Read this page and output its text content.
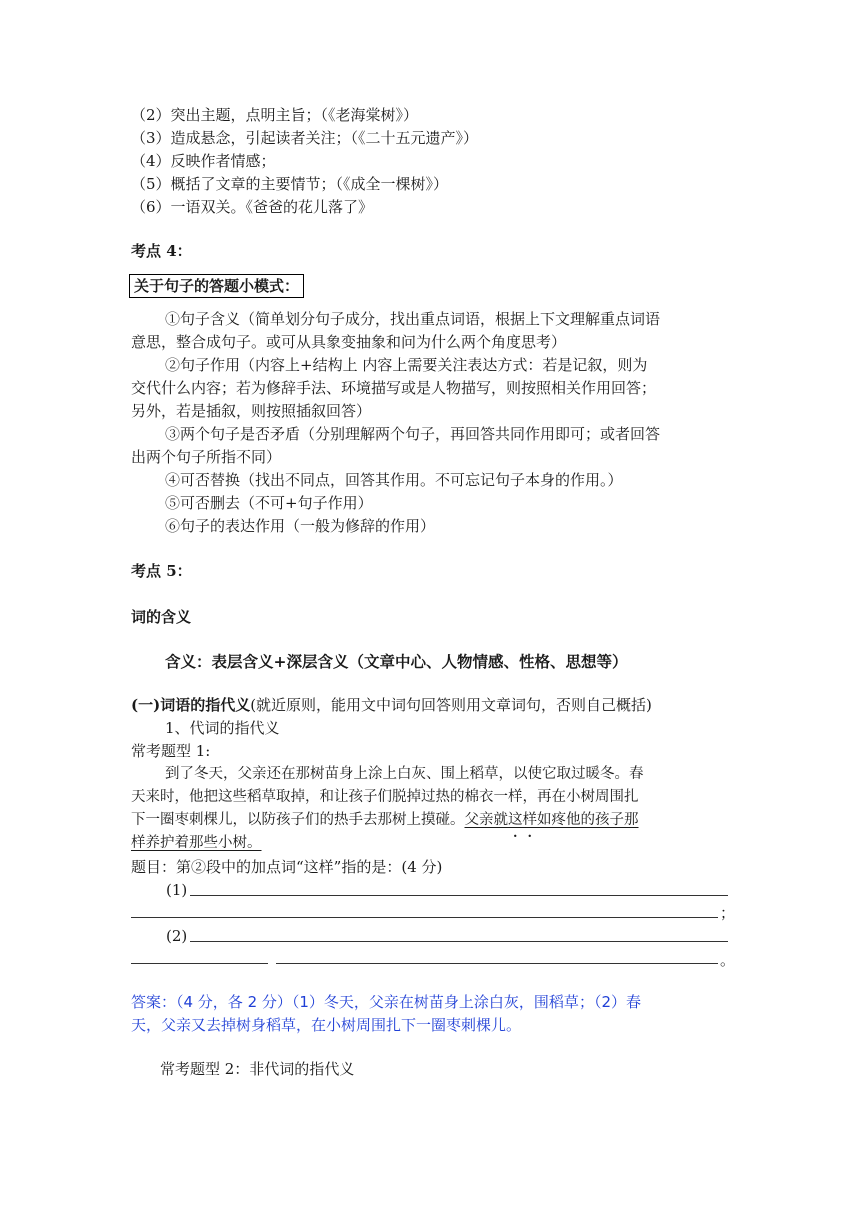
（2）突出主题，点明主旨；（《老海棠树》）
（3）造成悬念，引起读者关注；（《二十五元遗产》）
（4）反映作者情感；
（5）概括了文章的主要情节；（《成全一棵树》）
（6）一语双关。《爸爸的花儿落了》
考点 4：
关于句子的答题小模式：
①句子含义（简单划分句子成分，找出重点词语，根据上下文理解重点词语
意思，整合成句子。或可从具象变抽象和问为什么两个角度思考）
②句子作用（内容上+结构上 内容上需要关注表达方式：若是记叙，则为
交代什么内容；若为修辞手法、环境描写或是人物描写，则按照相关作用回答；
另外，若是插叙，则按照插叙回答）
③两个句子是否矛盾（分别理解两个句子，再回答共同作用即可；或者回答
出两个句子所指不同）
④可否替换（找出不同点，回答其作用。不可忘记句子本身的作用。）
⑤可否删去（不可+句子作用）
⑥句子的表达作用（一般为修辞的作用）
考点 5：
词的含义
含义：表层含义+深层含义（文章中心、人物情感、性格、思想等）
(一)词语的指代义(就近原则，能用文中词句回答则用文章词句，否则自己概括)
1、代词的指代义
常考题型 1:
到了冬天，父亲还在那树苗身上涂上白灰、围上稻草，以使它取过暖冬。春
天来时，他把这些稻草取掉，和让孩子们脱掉过热的棉衣一样，再在小树周围扎
下一圈枣刺棵儿，以防孩子们的热手去那树上摸碰。父亲就这样如疼他的孩子那
样养护着那些小树。
题目：第②段中的加点词“这样”指的是：(4 分)
(1)
；
(2)
。
答案：（4 分，各 2 分）（1）冬天，父亲在树苗身上涂白灰，围稻草；（2）春
天，父亲又去掉树身稻草，在小树周围扎下一圈枣刺棵儿。
常考题型 2：非代词的指代义
